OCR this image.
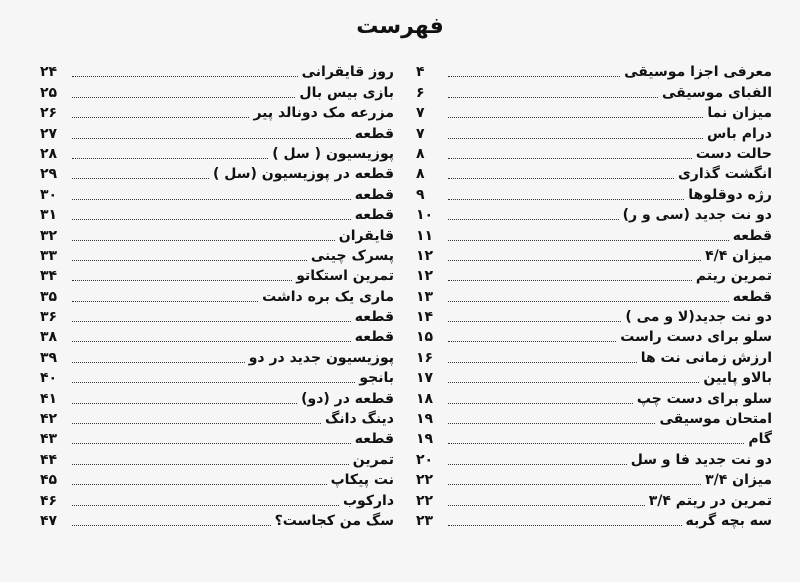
فهرست
معرفی اجزا موسیقی
۴
الفبای موسیقی
۶
میزان نما
۷
درام باس
۷
حالت دست
۸
انگشت گذاری
۸
رژه دوقلوها
۹
دو نت جدید (سی و ر)
۱۰
قطعه
۱۱
میزان ۴/۴
۱۲
تمرین ریتم
۱۲
قطعه
۱۳
دو نت جدید(لا و می )
۱۴
سلو برای دست راست
۱۵
ارزش زمانی نت ها
۱۶
بالاو پایین
۱۷
سلو برای دست چپ
۱۸
امتحان موسیقی
۱۹
گام
۱۹
دو نت جدید فا و سل
۲۰
میزان ۳/۴
۲۲
تمرین در ریتم ۳/۴
۲۲
سه بچه گربه
۲۳
روز قایقرانی
۲۴
بازی بیس بال
۲۵
مزرعه مک دونالد پیر
۲۶
قطعه
۲۷
پوزیسیون ( سل )
۲۸
قطعه در پوزیسیون (سل )
۲۹
قطعه
۳۰
قطعه
۳۱
قایقران
۳۲
پسرک چینی
۳۳
تمرین استکاتو
۳۴
ماری یک بره داشت
۳۵
قطعه
۳۶
قطعه
۳۸
پوزیسیون جدید در دو
۳۹
بانجو
۴۰
قطعه در (دو)
۴۱
دینگ دانگ
۴۲
قطعه
۴۳
تمرین
۴۴
نت پیکاپ
۴۵
دارکوب
۴۶
سگ من کجاست؟
۴۷
